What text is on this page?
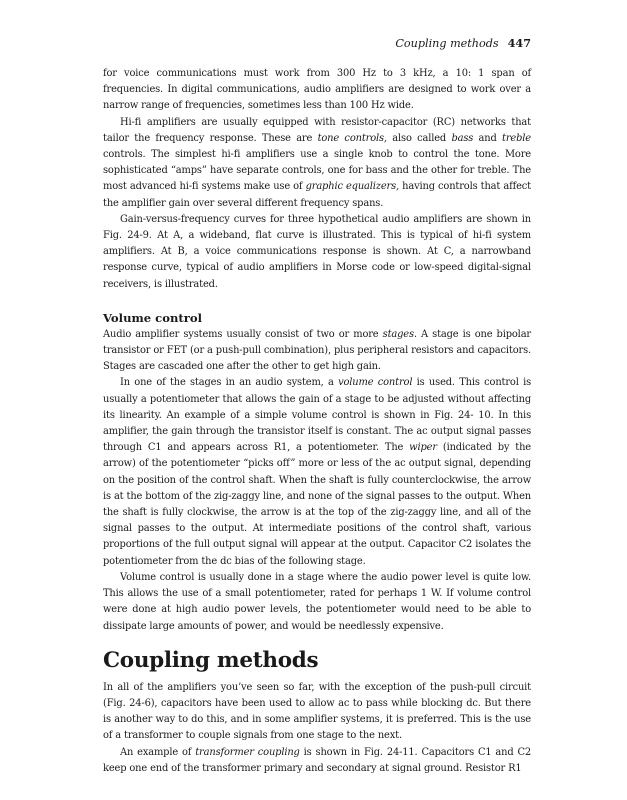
Coupling methods 447

for voice communications must work from 300 Hz to 3 kHz, a 10: 1 span of frequencies. In digital communications, audio amplifiers are designed to work over a narrow range of frequencies, sometimes less than 100 Hz wide.

Hi-fi amplifiers are usually equipped with resistor-capacitor (RC) networks that tailor the frequency response. These are tone controls, also called bass and treble controls. The simplest hi-fi amplifiers use a single knob to control the tone. More sophisticated “amps” have separate controls, one for bass and the other for treble. The most advanced hi-fi systems make use of graphic equalizers, having controls that affect the amplifier gain over several different frequency spans.

Gain-versus-frequency curves for three hypothetical audio amplifiers are shown in Fig. 24-9. At A, a wideband, flat curve is illustrated. This is typical of hi-fi system amplifiers. At B, a voice communications response is shown. At C, a narrowband response curve, typical of audio amplifiers in Morse code or low-speed digital-signal receivers, is illustrated.

Volume control

Audio amplifier systems usually consist of two or more stages. A stage is one bipolar transistor or FET (or a push-pull combination), plus peripheral resistors and capacitors. Stages are cascaded one after the other to get high gain.

In one of the stages in an audio system, a volume control is used. This control is usually a potentiometer that allows the gain of a stage to be adjusted without affecting its linearity. An example of a simple volume control is shown in Fig. 24- 10. In this amplifier, the gain through the transistor itself is constant. The ac output signal passes through C1 and appears across R1, a potentiometer. The wiper (indicated by the arrow) of the potentiometer “picks off” more or less of the ac output signal, depending on the position of the control shaft. When the shaft is fully counterclockwise, the arrow is at the bottom of the zig-zaggy line, and none of the signal passes to the output. When the shaft is fully clockwise, the arrow is at the top of the zig-zaggy line, and all of the signal passes to the output. At intermediate positions of the control shaft, various proportions of the full output signal will appear at the output. Capacitor C2 isolates the potentiometer from the dc bias of the following stage.

Volume control is usually done in a stage where the audio power level is quite low. This allows the use of a small potentiometer, rated for perhaps 1 W. If volume control were done at high audio power levels, the potentiometer would need to be able to dissipate large amounts of power, and would be needlessly expensive.

Coupling methods

In all of the amplifiers you’ve seen so far, with the exception of the push-pull circuit (Fig. 24-6), capacitors have been used to allow ac to pass while blocking dc. But there is another way to do this, and in some amplifier systems, it is preferred. This is the use of a transformer to couple signals from one stage to the next.

An example of transformer coupling is shown in Fig. 24-11. Capacitors C1 and C2 keep one end of the transformer primary and secondary at signal ground. Resistor R1
